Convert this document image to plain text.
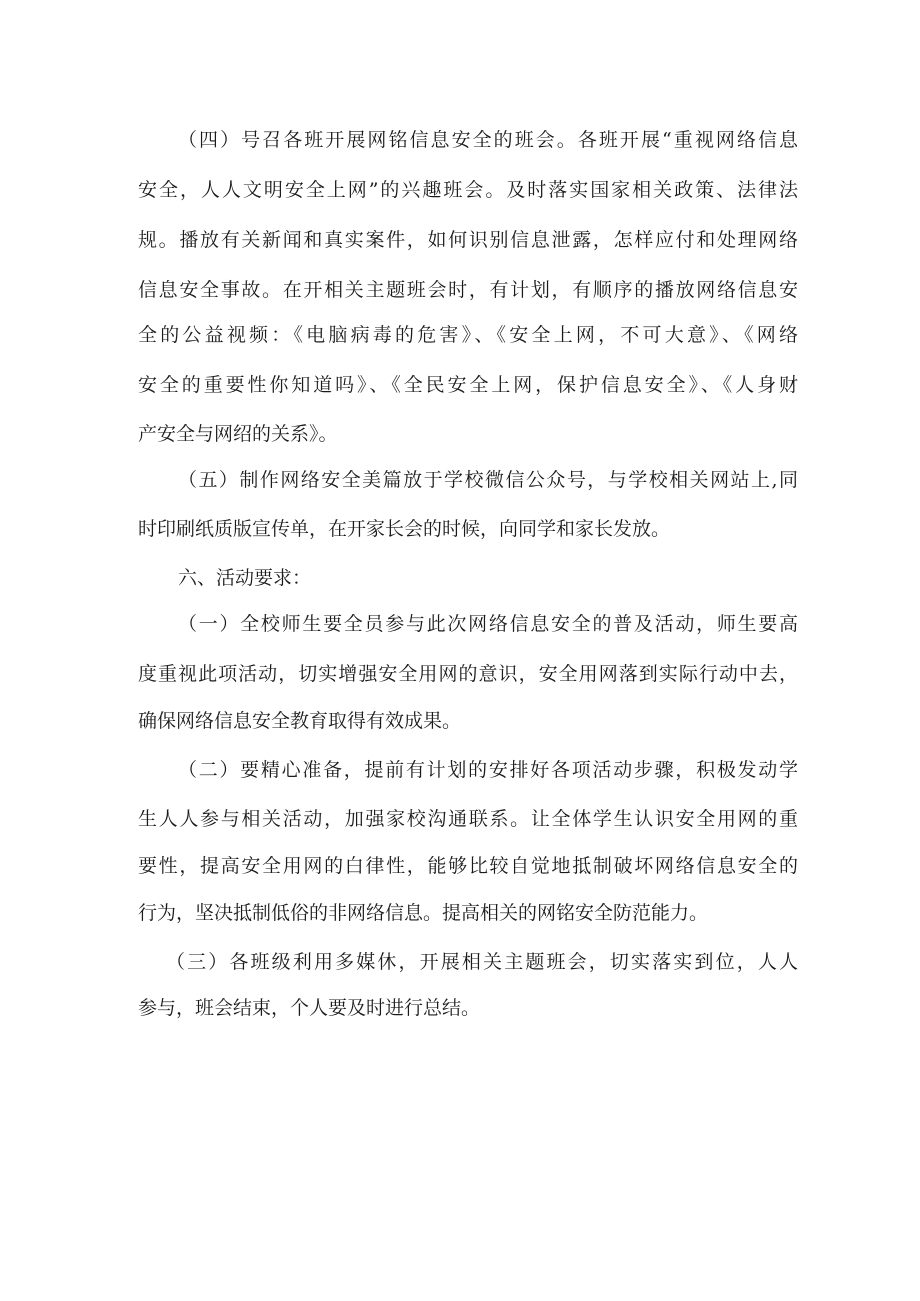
（四）号召各班开展网铭信息安全的班会。各班开展“重视网络信息
安全，人人文明安全上网”的兴趣班会。及时落实国家相关政策、法律法
规。播放有关新闻和真实案件，如何识别信息泄露，怎样应付和处理网络
信息安全事故。在开相关主题班会时，有计划，有顺序的播放网络信息安
全的公益视频：《电脑病毒的危害》、《安全上网，不可大意》、《网络
安全的重要性你知道吗》、《全民安全上网，保护信息安全》、《人身财
产安全与网绍的关系》。
（五）制作网络安全美篇放于学校微信公众号，与学校相关网站上,同
时印刷纸质版宣传单，在开家长会的时候，向同学和家长发放。
六、活动要求：
（一）全校师生要全员参与此次网络信息安全的普及活动，师生要高
度重视此项活动，切实增强安全用网的意识，安全用网落到实际行动中去，
确保网络信息安全教育取得有效成果。
（二）要精心准备，提前有计划的安排好各项活动步骤，积极发动学
生人人参与相关活动，加强家校沟通联系。让全体学生认识安全用网的重
要性，提高安全用网的白律性，能够比较自觉地抵制破坏网络信息安全的
行为，坚决抵制低俗的非网络信息。提高相关的网铭安全防范能力。
（三）各班级利用多媒休，开展相关主题班会，切实落实到位，人人
参与，班会结束，个人要及时进行总结。
